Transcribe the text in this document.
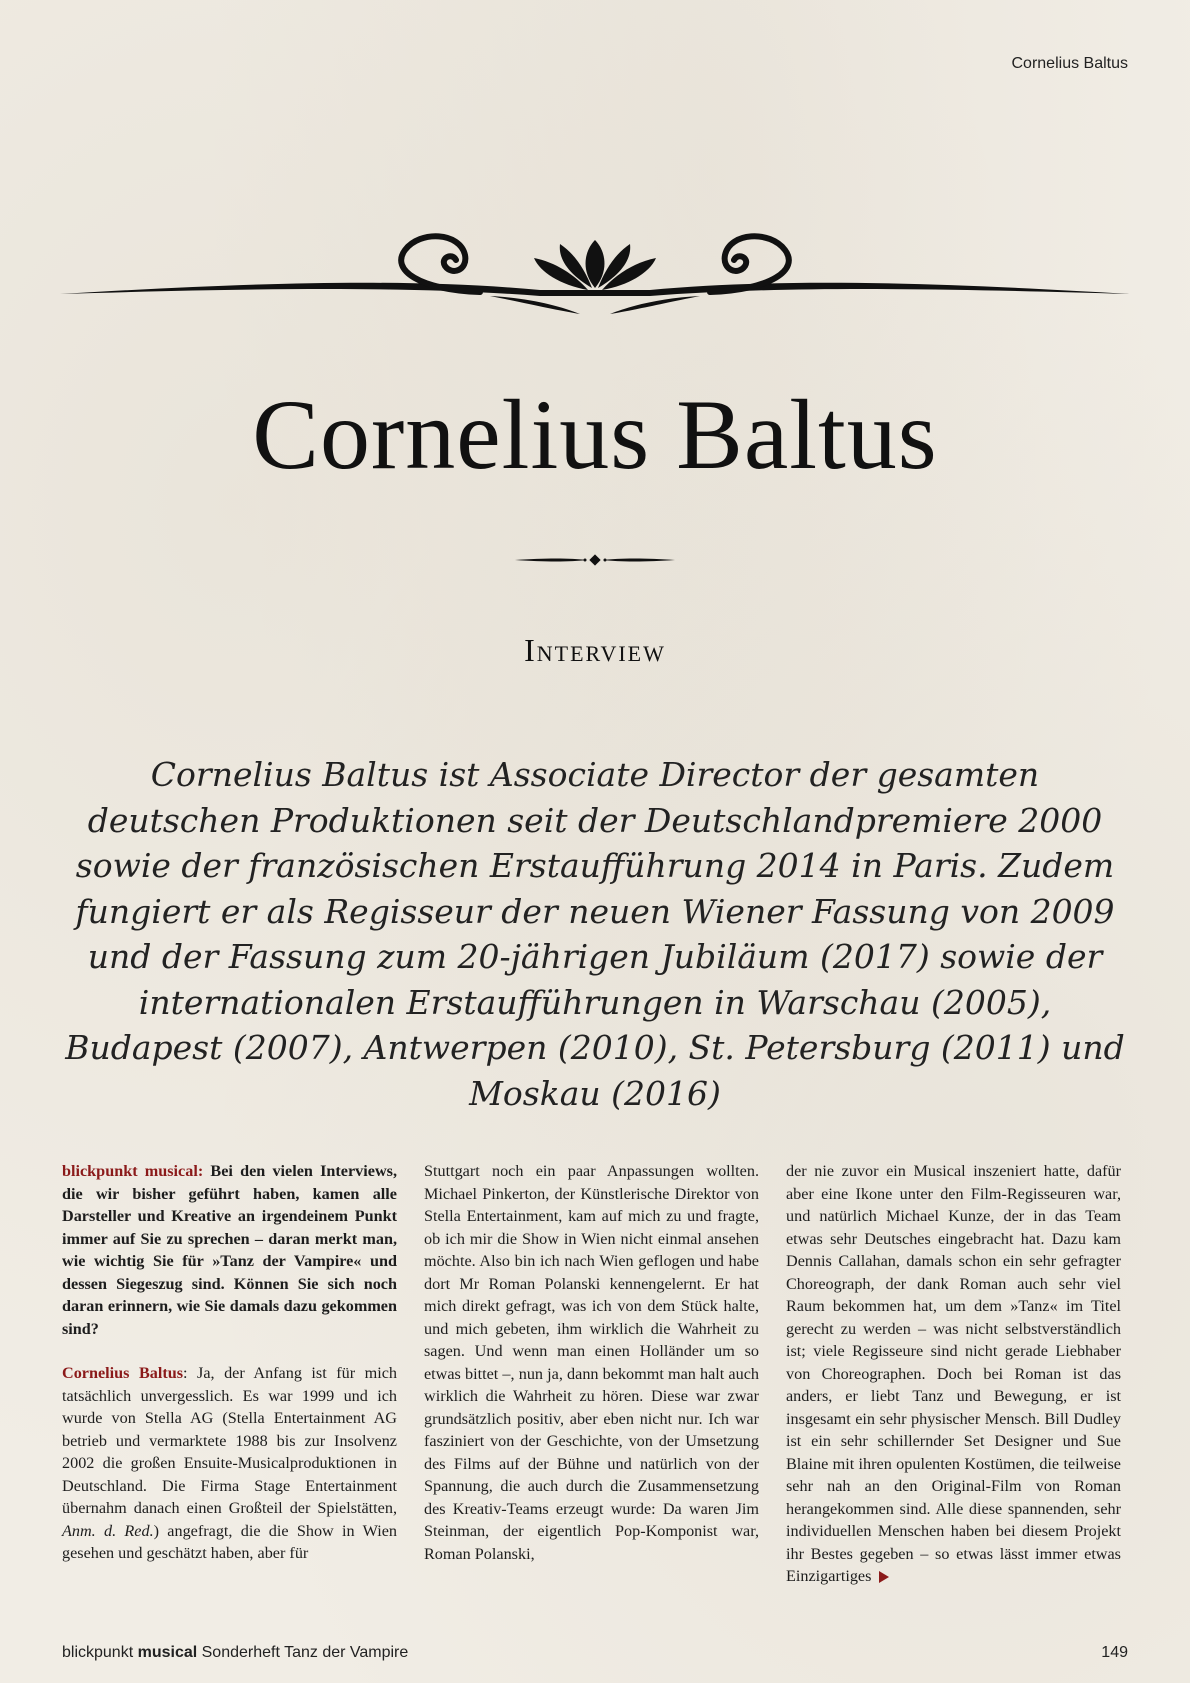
Cornelius Baltus
Cornelius Baltus
Interview

Cornelius Baltus ist Associate Director der gesamten deutschen Produktionen seit der Deutschlandpremiere 2000 sowie der französischen Erstaufführung 2014 in Paris. Zudem fungiert er als Regisseur der neuen Wiener Fassung von 2009 und der Fassung zum 20-jährigen Jubiläum (2017) sowie der internationalen Erstaufführungen in Warschau (2005), Budapest (2007), Antwerpen (2010), St. Petersburg (2011) und Moskau (2016)

blickpunkt musical: Bei den vielen Interviews, die wir bisher geführt haben, kamen alle Darsteller und Kreative an irgendeinem Punkt immer auf Sie zu sprechen – daran merkt man, wie wichtig Sie für »Tanz der Vampire« und dessen Siegeszug sind. Können Sie sich noch daran erinnern, wie Sie damals dazu gekommen sind?

Cornelius Baltus: Ja, der Anfang ist für mich tatsächlich unvergesslich. Es war 1999 und ich wurde von Stella AG (Stella Entertainment AG betrieb und vermarktete 1988 bis zur Insolvenz 2002 die großen Ensuite-Musicalproduktionen in Deutschland. Die Firma Stage Entertainment übernahm danach einen Großteil der Spielstätten, Anm. d. Red.) angefragt, die die Show in Wien gesehen und geschätzt haben, aber für

Stuttgart noch ein paar Anpassungen wollten. Michael Pinkerton, der Künstlerische Direktor von Stella Entertainment, kam auf mich zu und fragte, ob ich mir die Show in Wien nicht einmal ansehen möchte. Also bin ich nach Wien geflogen und habe dort Mr Roman Polanski kennengelernt. Er hat mich direkt gefragt, was ich von dem Stück halte, und mich gebeten, ihm wirklich die Wahrheit zu sagen. Und wenn man einen Holländer um so etwas bittet –, nun ja, dann bekommt man halt auch wirklich die Wahrheit zu hören. Diese war zwar grundsätzlich positiv, aber eben nicht nur. Ich war fasziniert von der Geschichte, von der Umsetzung des Films auf der Bühne und natürlich von der Spannung, die auch durch die Zusammensetzung des Kreativ-Teams erzeugt wurde: Da waren Jim Steinman, der eigentlich Pop-Komponist war, Roman Polanski,

der nie zuvor ein Musical inszeniert hatte, dafür aber eine Ikone unter den Film-Regisseuren war, und natürlich Michael Kunze, der in das Team etwas sehr Deutsches eingebracht hat. Dazu kam Dennis Callahan, damals schon ein sehr gefragter Choreograph, der dank Roman auch sehr viel Raum bekommen hat, um dem »Tanz« im Titel gerecht zu werden – was nicht selbstverständlich ist; viele Regisseure sind nicht gerade Liebhaber von Choreographen. Doch bei Roman ist das anders, er liebt Tanz und Bewegung, er ist insgesamt ein sehr physischer Mensch. Bill Dudley ist ein sehr schillernder Set Designer und Sue Blaine mit ihren opulenten Kostümen, die teilweise sehr nah an den Original-Film von Roman herangekommen sind. Alle diese spannenden, sehr individuellen Menschen haben bei diesem Projekt ihr Bestes gegeben – so etwas lässt immer etwas Einzigartiges

blickpunkt musical Sonderheft Tanz der Vampire	149
